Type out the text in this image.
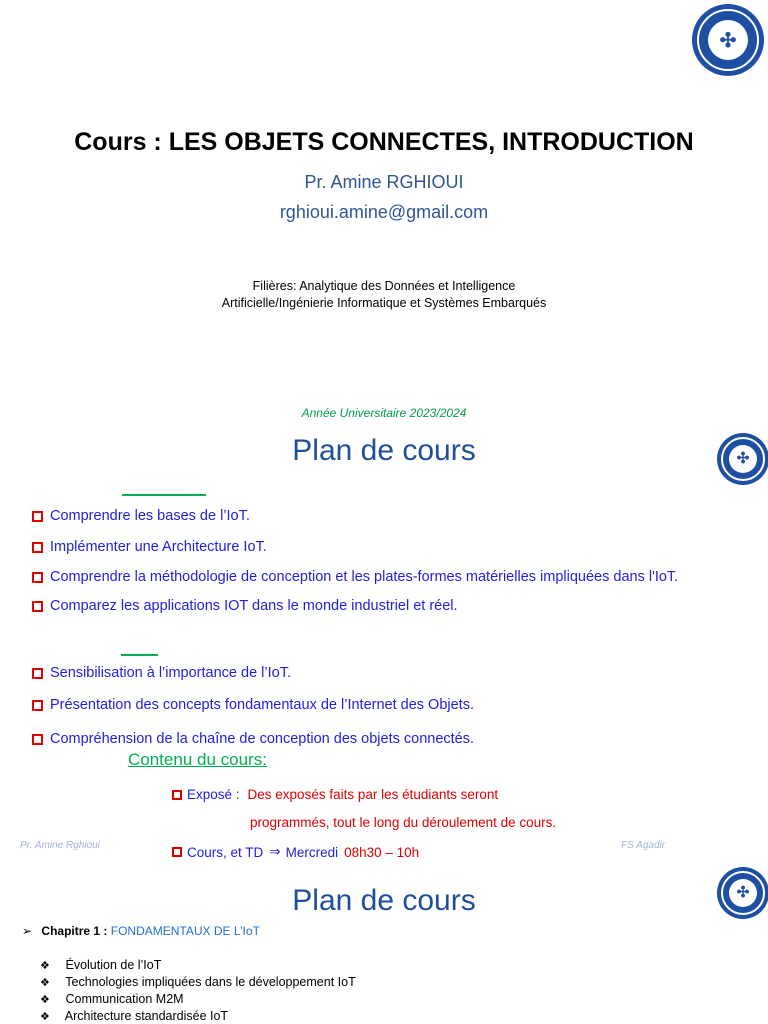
✣
Cours : LES OBJETS CONNECTES, INTRODUCTION
Pr. Amine RGHIOUI
rghioui.amine@gmail.com
Filières: Analytique des Données et Intelligence
Artificielle/Ingénierie Informatique et Systèmes Embarqués
Année Universitaire 2023/2024
Plan de cours	✣
Comprendre les bases de l’IoT.
Implémenter une Architecture IoT.
Comprendre la méthodologie de conception et les plates-formes matérielles impliquées dans l'IoT.
Comparez les applications IOT dans le monde industriel et réel.
Sensibilisation à l’importance de l’IoT.
Présentation des concepts fondamentaux de l’Internet des Objets.
Compréhension de la chaîne de conception des objets connectés.
Contenu du cours:
Exposé : Des exposés faits par les étudiants seront
programmés, tout le long du déroulement de cours.
Pr. Amine Rghioui	FS Agadir
Cours, et TD ⇒ Mercredi 08h30 – 10h
Plan de cours	✣
➢ Chapitre 1 : FONDAMENTAUX DE L’IoT
❖ Évolution de l’IoT
❖ Technologies impliquées dans le développement IoT
❖ Communication M2M
❖ Architecture standardisée IoT
